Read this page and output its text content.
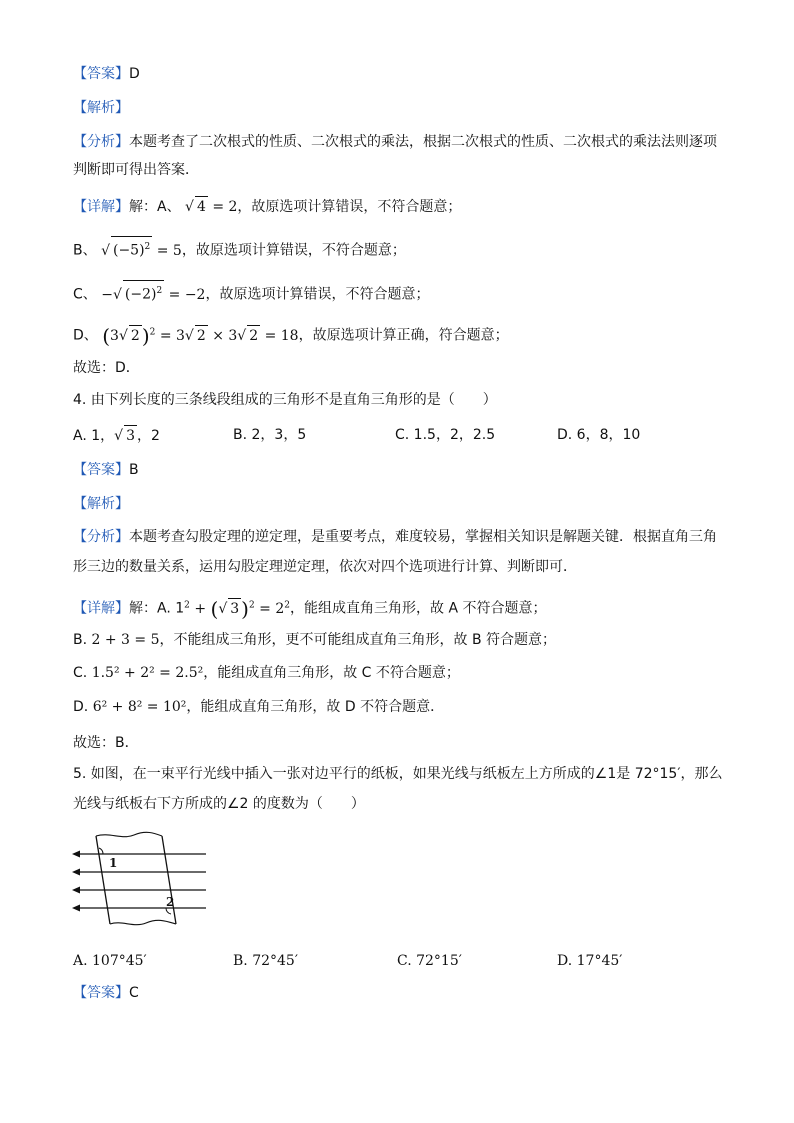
【答案】D
【解析】
【分析】本题考查了二次根式的性质、二次根式的乘法，根据二次根式的性质、二次根式的乘法法则逐项
判断即可得出答案．
【详解】解：A、 √ 4 = 2，故原选项计算错误，不符合题意；
B、 √ $(-5)^2 = 5$，故原选项计算错误，不符合题意；
C、 −√ $(-2)^2 = -2$，故原选项计算错误，不符合题意；
D、 (3√ 2 )$^2$ = 3√ 2 × 3√ 2 = 18，故原选项计算正确，符合题意；
故选：D．
4. 由下列长度的三条线段组成的三角形不是直角三角形的是（　　）
A. 1，√ 3 ，2	B. 2，3，5	C. 1.5，2，2.5	D. 6，8，10
【答案】B
【解析】
【分析】本题考查勾股定理的逆定理，是重要考点，难度较易，掌握相关知识是解题关键．根据直角三角
形三边的数量关系，运用勾股定理逆定理，依次对四个选项进行计算、判断即可．
【详解】解：A. $1^2$ + (√ 3 )$^2 = 2^2$，能组成直角三角形，故 A 不符合题意；
B. 2 + 3 = 5，不能组成三角形，更不可能组成直角三角形，故 B 符合题意；
C. 1.5² + 2² = 2.5²，能组成直角三角形，故 C 不符合题意；
D. 6² + 8² = 10²，能组成直角三角形，故 D 不符合题意．
故选：B．
5. 如图，在一束平行光线中插入一张对边平行的纸板，如果光线与纸板左上方所成的∠1是 72°15′，那么
光线与纸板右下方所成的∠2 的度数为（　　）
1
2
A. 107°45′	B. 72°45′	C. 72°15′	D. 17°45′
【答案】C
